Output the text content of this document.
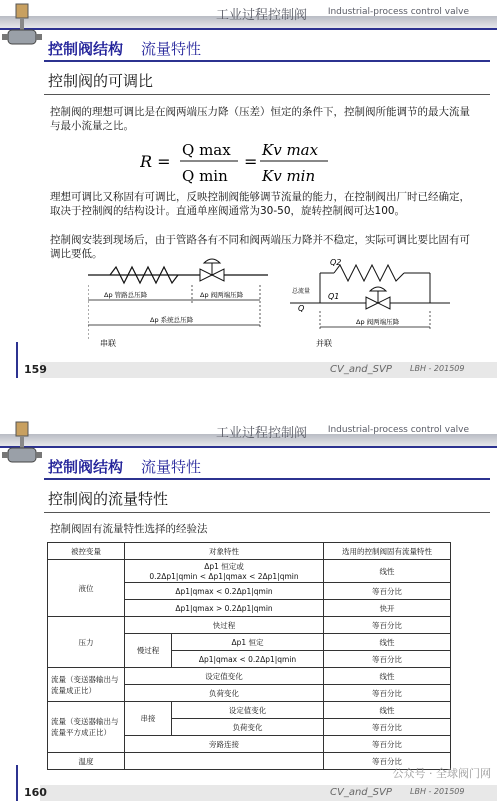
工业过程控制阀 Industrial-process control valve
控制阀结构 流量特性
控制阀的可调比
控制阀的理想可调比是在阀两端压力降（压差）恒定的条件下，控制阀所能调节的最大流量与最小流量之比。
R =
Q max
Q min
=
Kv max
Kv min
理想可调比又称固有可调比，反映控制阀能够调节流量的能力，在控制阀出厂时已经确定，取决于控制阀的结构设计。直通单座阀通常为30-50，旋转控制阀可达100。
控制阀安装到现场后，由于管路各有不同和阀两端压力降并不稳定，实际可调比要比固有可调比要低。
Δp 管路总压降	Δp 阀两端压降
Δp 系统总压降
串联
Q2
总流量
Q
Q1
Δp 阀两端压降
并联
159	CV_and_SVP LBH - 201509
工业过程控制阀 Industrial-process control valve
控制阀结构 流量特性
控制阀的流量特性
控制阀固有流量特性选择的经验法
被控变量	对象特性		选用的控制阀固有流量特性
液位	Δp1 恒定或
0.2Δp1|qmin < Δp1|qmax < 2Δp1|qmin		线性
	Δp1|qmax < 0.2Δp1|qmin		等百分比
	Δp1|qmax > 0.2Δp1|qmin		快开
压力	快过程		等百分比
	慢过程	Δp1 恒定	线性
		Δp1|qmax < 0.2Δp1|qmin	等百分比
流量（变送器输出与流量成正比）	设定值变化		线性
	负荷变化		等百分比
流量（变送器输出与流量平方成正比）	串接	设定值变化	线性
		负荷变化	等百分比
	旁路连接		等百分比
温度			等百分比
160	CV_and_SVP LBH - 201509
公众号 · 全球阀门网
